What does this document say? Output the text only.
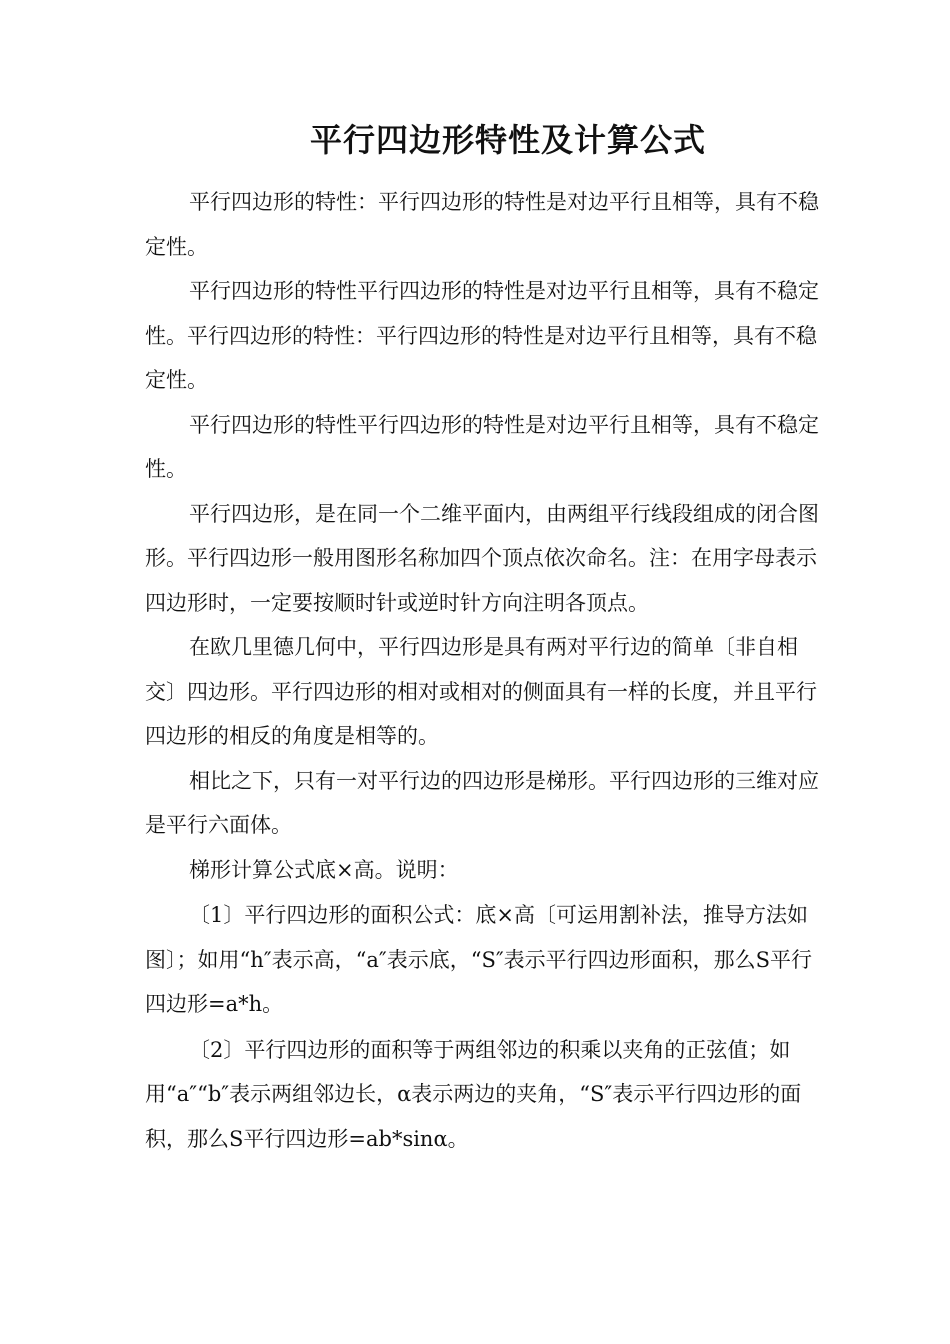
平行四边形特性及计算公式

平行四边形的特性：平行四边形的特性是对边平行且相等，具有不稳定性。

平行四边形的特性平行四边形的特性是对边平行且相等，具有不稳定性。平行四边形的特性：平行四边形的特性是对边平行且相等，具有不稳定性。

平行四边形的特性平行四边形的特性是对边平行且相等，具有不稳定性。

平行四边形，是在同一个二维平面内，由两组平行线段组成的闭合图形。平行四边形一般用图形名称加四个顶点依次命名。注：在用字母表示四边形时，一定要按顺时针或逆时针方向注明各顶点。

在欧几里德几何中，平行四边形是具有两对平行边的简单〔非自相交〕四边形。平行四边形的相对或相对的侧面具有一样的长度，并且平行四边形的相反的角度是相等的。

相比之下，只有一对平行边的四边形是梯形。平行四边形的三维对应是平行六面体。

梯形计算公式底×高。说明：

〔1〕平行四边形的面积公式：底×高〔可运用割补法，推导方法如图〕；如用“h″表示高，“a″表示底，“S″表示平行四边形面积，那么S平行四边形=a*h。

〔2〕平行四边形的面积等于两组邻边的积乘以夹角的正弦值；如用“a″“b″表示两组邻边长，α表示两边的夹角，“S″表示平行四边形的面积，那么S平行四边形=ab*sinα。
